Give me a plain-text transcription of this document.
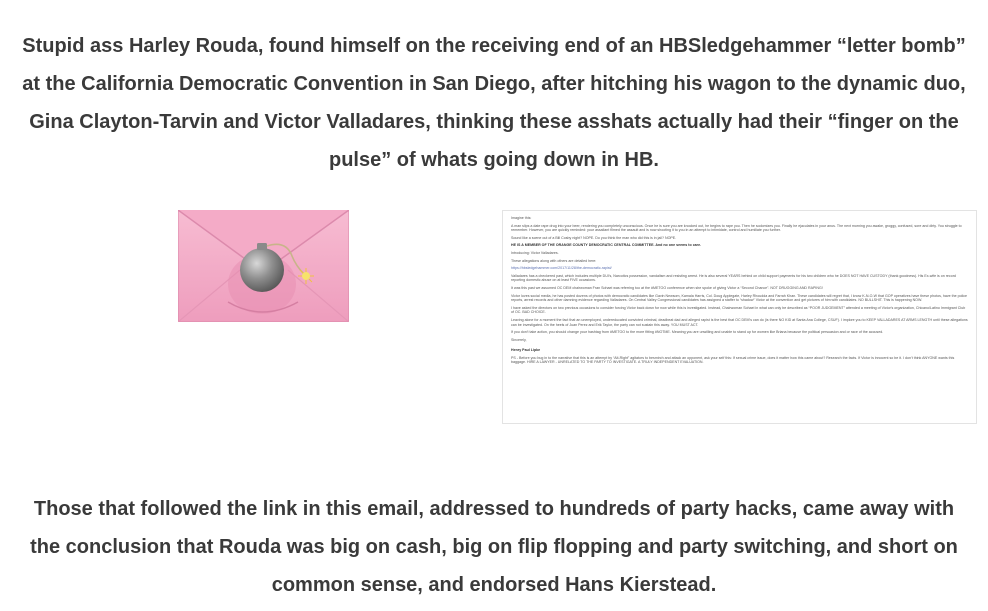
Stupid ass Harley Rouda, found himself on the receiving end of an HBSledgehammer “letter bomb” at the California Democratic Convention in San Diego, after hitching his wagon to the dynamic duo, Gina Clayton-Tarvin and Victor Valladares, thinking these asshats actually had their “finger on the pulse” of whats going down in HB.

Imagine this:

A man slips a date rape drug into your beer, rendering you completely unconscious. Once he is sure you are knocked out, he begins to rape you. Then he sodomizes you. Finally he ejaculates in your anus. The next morning you awake, groggy, confused, sore and dirty. You struggle to remember. However, you are quickly reminded: your assailant filmed the assault and is now shooting it to you in an attempt to intimidate, control and humiliate you further.

Sound like a scene out of a Bill Cosby night? NOPE. Do you think the man who did this is in jail? NOPE.

HE IS A MEMBER OF THE ORANGE COUNTY DEMOCRATIC CENTRAL COMMITTEE. And no one seems to care.

Introducing: Victor Valladares.

These allegations along with others are detailed here:

https://hbsledgehammer.com/2017/11/28/the-democratic-rapist/

Valladares has a checkered past, which includes multiple DUI's, Narcotics possession, vandalism and resisting arrest. He is also several YEARS behind on child support payments for his two children who he DOES NOT HAVE CUSTODY (thank goodness). His Ex-wife is on record reporting domestic abuse on at least FIVE occasions.

It was this past we assumed OC DEM chairwoman Fran Sohaei was referring too at the #METOO conference when she spoke of giving Victor a “Second Chance”. NOT DRUGGING AND RAPING!

Victor loves social media, he has posted dozens of photos with democratic candidates like Gavin Newsom, Kamala Harris, Col. Doug Applegate, Harley Rhoudda and Farrah Khan. These candidates will regret that, I know K-N-O-W that GOP operatives have these photos, have the police reports, arrest records and other damning evidence regarding Valladares. On Central Valley Congressional candidates has assigned a staffer to “shadow” Victor at the convention and get pictures of him with candidates. NO BULLSHIT. This is happening NOW.

I have asked the directors on two previous occasions to consider forcing Victor back down for now while this is investigated. Instead, Chairwoman Sohaei in what can only be described as “POOR JUDGEMENT” attended a meeting of Victor's organization, Chicano/Latino Immigrant Club of OC. BAD CHOICE.

Leaving alone for a moment the fact that an unemployed, undereducated convicted criminal, deadbeat dad and alleged rapist is the best that OC DEM's can do (is there NO KID at Santa Ana College, CSUF). I implore you to KEEP VALLADARES AT ARMS LENGTH until these allegations can be investigated. On the heels of Juan Perez and Erik Taylor, the party can not sustain this away. YOU MUST ACT.

If you don't take action, you should change your hashtag from #METOO to the more fitting #NOTME. Meaning you are unwilling and unable to stand up for women like Briana because the political persuasion and or race of the accused.

Sincerely,

Henry Paul Lipke

PS - Before you bug in to the narrative that this is an attempt by “Alt-Right” agitators to besmirch and attack an opponent, ask your self this: If sexual crime issue, does it matter how this came about? Research the facts. If Victor is innocent so be it. I don't think ANYONE wants this baggage. HIRE A LAWYER - UNRELATED TO THE PARTY TO INVESTIGATE. A TRULY INDEPENDENT EVALUATION.

Those that followed the link in this email, addressed to hundreds of party hacks, came away with the conclusion that Rouda was big on cash, big on flip flopping and party switching, and short on common sense, and endorsed Hans Kierstead.
